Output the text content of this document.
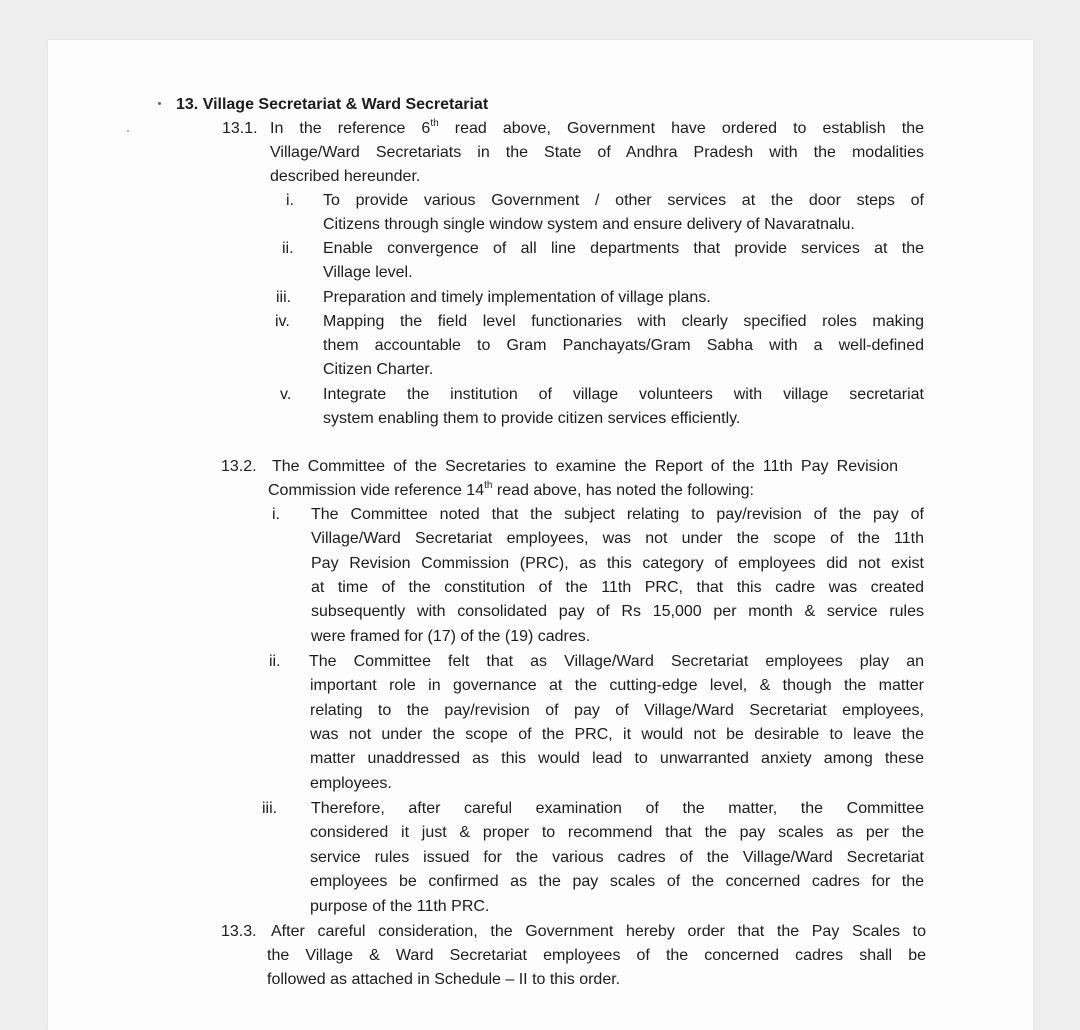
13. Village Secretariat & Ward Secretariat
13.1. In the reference 6th read above, Government have ordered to establish the
Village/Ward Secretariats in the State of Andhra Pradesh with the modalities
described hereunder.
i. To provide various Government / other services at the door steps of
Citizens through single window system and ensure delivery of Navaratnalu.
ii. Enable convergence of all line departments that provide services at the
Village level.
iii. Preparation and timely implementation of village plans.
iv. Mapping the field level functionaries with clearly specified roles making
them accountable to Gram Panchayats/Gram Sabha with a well-defined
Citizen Charter.
v. Integrate the institution of village volunteers with village secretariat
system enabling them to provide citizen services efficiently.
13.2. The Committee of the Secretaries to examine the Report of the 11th Pay Revision
Commission vide reference 14th read above, has noted the following:
i. The Committee noted that the subject relating to pay/revision of the pay of
Village/Ward Secretariat employees, was not under the scope of the 11th
Pay Revision Commission (PRC), as this category of employees did not exist
at time of the constitution of the 11th PRC, that this cadre was created
subsequently with consolidated pay of Rs 15,000 per month & service rules
were framed for (17) of the (19) cadres.
ii. The Committee felt that as Village/Ward Secretariat employees play an
important role in governance at the cutting-edge level, & though the matter
relating to the pay/revision of pay of Village/Ward Secretariat employees,
was not under the scope of the PRC, it would not be desirable to leave the
matter unaddressed as this would lead to unwarranted anxiety among these
employees.
iii. Therefore, after careful examination of the matter, the Committee
considered it just & proper to recommend that the pay scales as per the
service rules issued for the various cadres of the Village/Ward Secretariat
employees be confirmed as the pay scales of the concerned cadres for the
purpose of the 11th PRC.
13.3. After careful consideration, the Government hereby order that the Pay Scales to
the Village & Ward Secretariat employees of the concerned cadres shall be
followed as attached in Schedule – II to this order.
